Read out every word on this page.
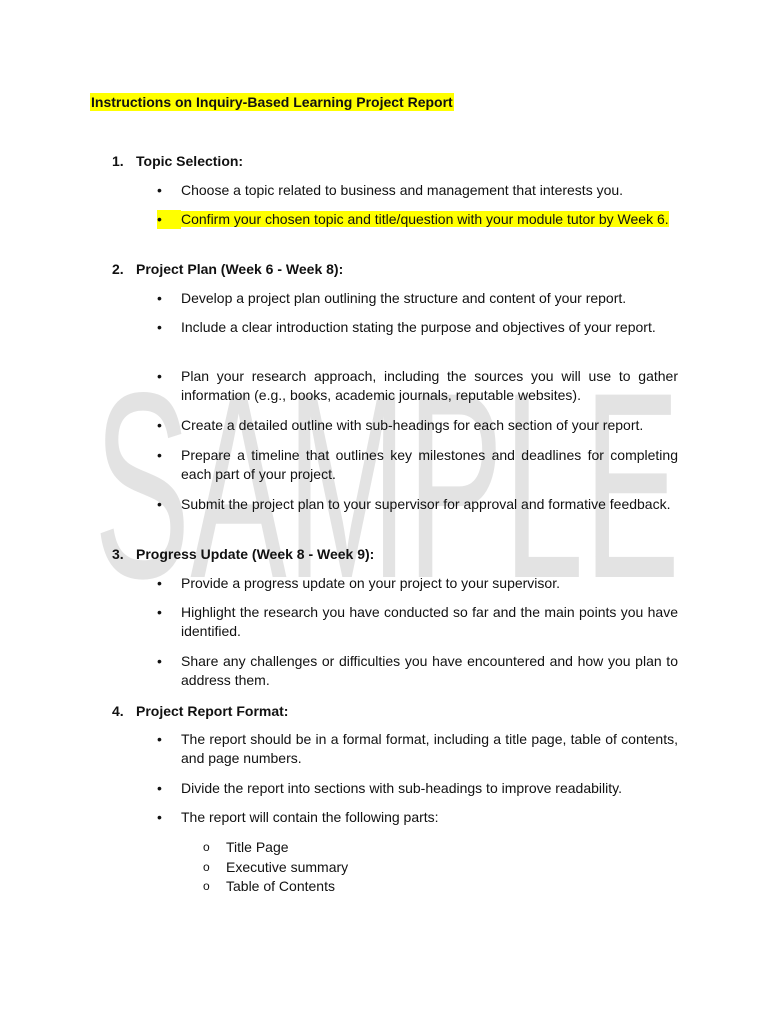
SAMPLE
Instructions on Inquiry-Based Learning Project Report
1. Topic Selection:
•	Choose a topic related to business and management that interests you.
•	Confirm your chosen topic and title/question with your module tutor by Week 6.
2. Project Plan (Week 6 - Week 8):
•	Develop a project plan outlining the structure and content of your report.
•	Include a clear introduction stating the purpose and objectives of your report.
•	Plan your research approach, including the sources you will use to gather information (e.g., books, academic journals, reputable websites).
•	Create a detailed outline with sub-headings for each section of your report.
•	Prepare a timeline that outlines key milestones and deadlines for completing each part of your project.
•	Submit the project plan to your supervisor for approval and formative feedback.
3. Progress Update (Week 8 - Week 9):
•	Provide a progress update on your project to your supervisor.
•	Highlight the research you have conducted so far and the main points you have identified.
•	Share any challenges or difficulties you have encountered and how you plan to address them.
4. Project Report Format:
•	The report should be in a formal format, including a title page, table of contents, and page numbers.
•	Divide the report into sections with sub-headings to improve readability.
•	The report will contain the following parts:
o	Title Page
o	Executive summary
o	Table of Contents
